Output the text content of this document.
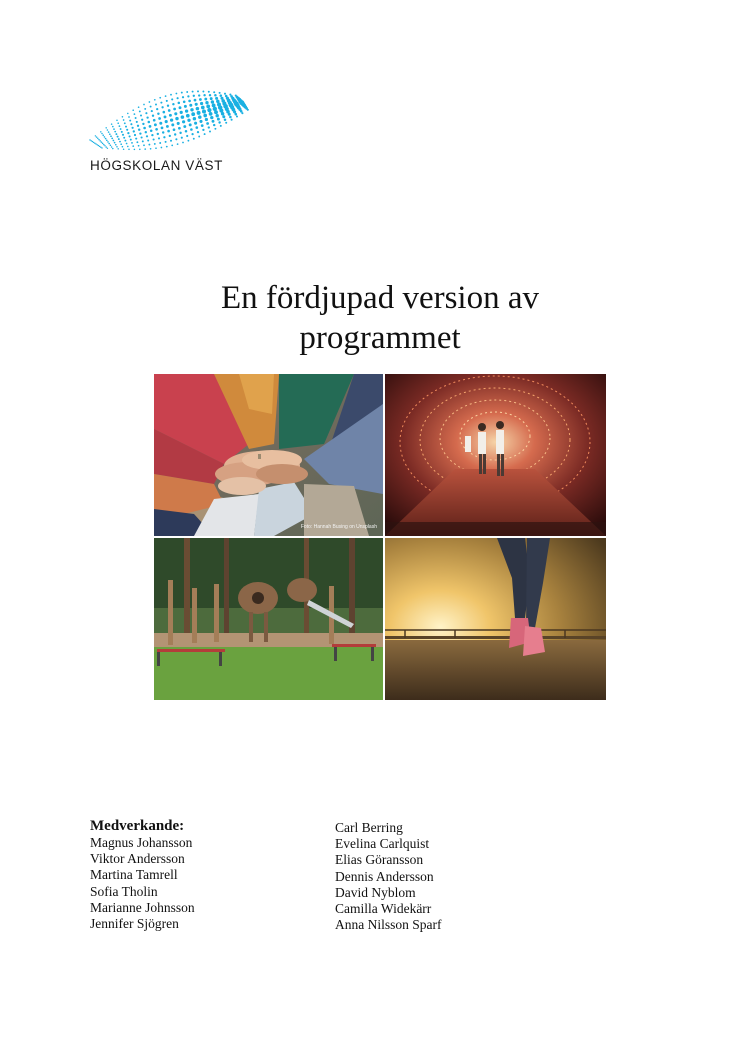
HÖGSKOLAN VÄST
En fördjupad version av
programmet
Foto: Hannah Busing on Unsplash
Medverkande:
Magnus Johansson
Viktor Andersson
Martina Tamrell
Sofia Tholin
Marianne Johnsson
Jennifer Sjögren
Carl Berring
Evelina Carlquist
Elias Göransson
Dennis Andersson
David Nyblom
Camilla Widekärr
Anna Nilsson Sparf
